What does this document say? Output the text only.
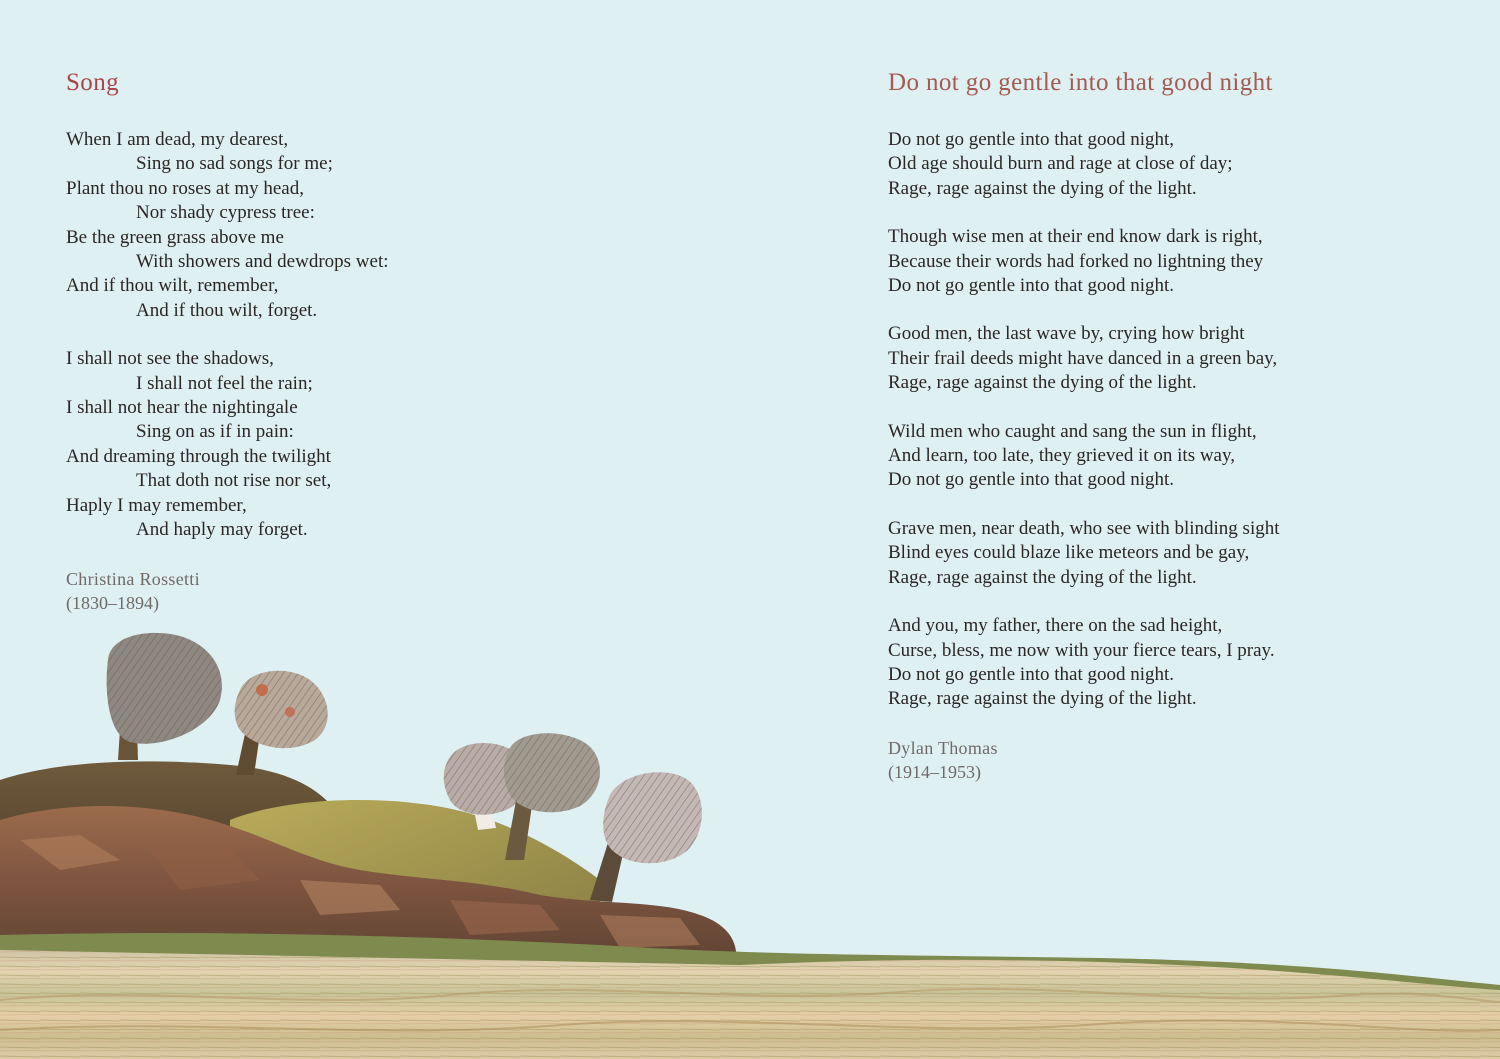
Song
When I am dead, my dearest,
Sing no sad songs for me;
Plant thou no roses at my head,
Nor shady cypress tree:
Be the green grass above me
With showers and dewdrops wet:
And if thou wilt, remember,
And if thou wilt, forget.
I shall not see the shadows,
I shall not feel the rain;
I shall not hear the nightingale
Sing on as if in pain:
And dreaming through the twilight
That doth not rise nor set,
Haply I may remember,
And haply may forget.
Christina Rossetti
(1830–1894)
Do not go gentle into that good night
Do not go gentle into that good night,
Old age should burn and rage at close of day;
Rage, rage against the dying of the light.
Though wise men at their end know dark is right,
Because their words had forked no lightning they
Do not go gentle into that good night.
Good men, the last wave by, crying how bright
Their frail deeds might have danced in a green bay,
Rage, rage against the dying of the light.
Wild men who caught and sang the sun in flight,
And learn, too late, they grieved it on its way,
Do not go gentle into that good night.
Grave men, near death, who see with blinding sight
Blind eyes could blaze like meteors and be gay,
Rage, rage against the dying of the light.
And you, my father, there on the sad height,
Curse, bless, me now with your fierce tears, I pray.
Do not go gentle into that good night.
Rage, rage against the dying of the light.
Dylan Thomas
(1914–1953)
